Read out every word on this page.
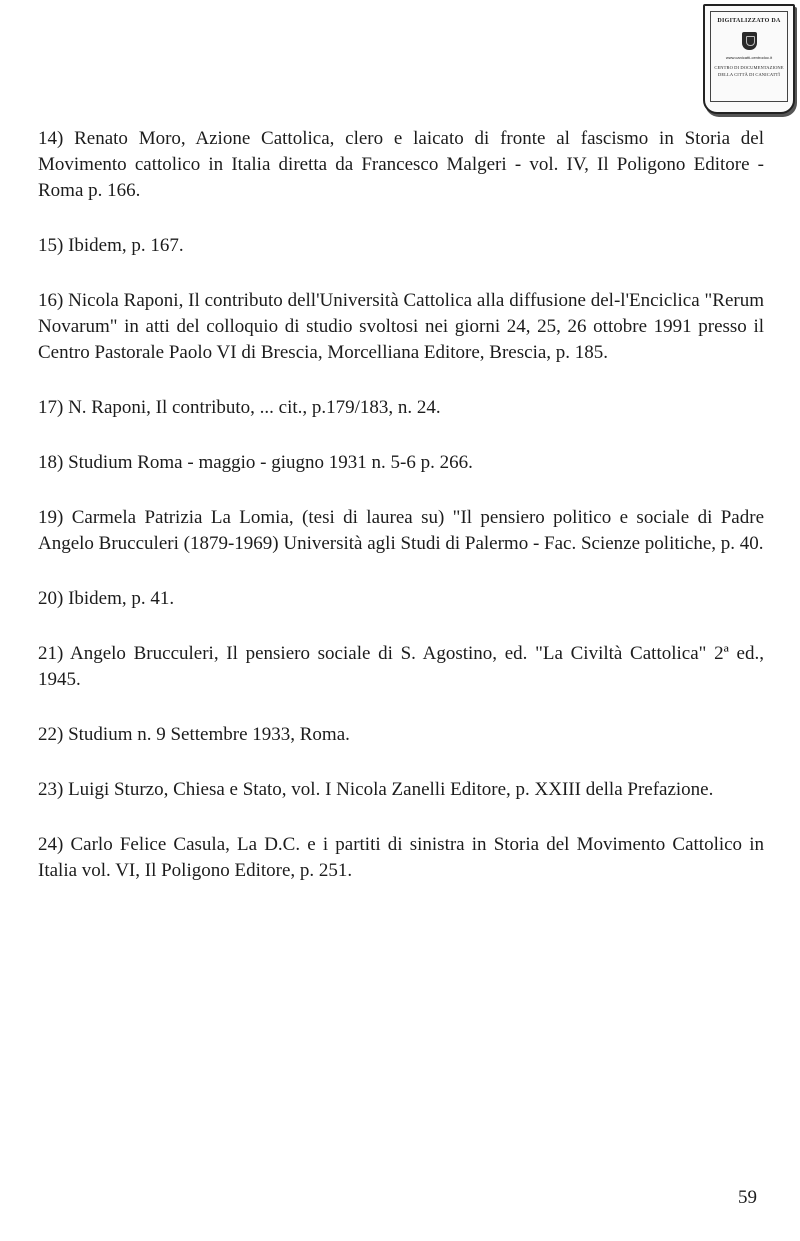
DIGITALIZZATO DA
www.canicatti-centrodoc.it
CENTRO DI DOCUMENTAZIONE
DELLA CITTÀ DI CANICATTÌ

14) Renato Moro, Azione Cattolica, clero e laicato di fronte al fascismo in Storia del Movimento cattolico in Italia diretta da Francesco Malgeri - vol. IV, Il Poligono Editore - Roma p. 166.

15) Ibidem, p. 167.

16) Nicola Raponi, Il contributo dell'Università Cattolica alla diffusione del-l'Enciclica "Rerum Novarum" in atti del colloquio di studio svoltosi nei giorni 24, 25, 26 ottobre 1991 presso il Centro Pastorale Paolo VI di Brescia, Morcelliana Editore, Brescia, p. 185.

17) N. Raponi, Il contributo, ... cit., p.179/183, n. 24.

18) Studium Roma - maggio - giugno 1931 n. 5-6 p. 266.

19) Carmela Patrizia La Lomia, (tesi di laurea su) "Il pensiero politico e sociale di Padre Angelo Brucculeri (1879-1969) Università agli Studi di Palermo - Fac. Scienze politiche, p. 40.

20) Ibidem, p. 41.

21) Angelo Brucculeri, Il pensiero sociale di S. Agostino, ed. "La Civiltà Cattolica" 2ª ed., 1945.

22) Studium n. 9 Settembre 1933, Roma.

23) Luigi Sturzo, Chiesa e Stato, vol. I Nicola Zanelli Editore, p. XXIII della Prefazione.

24) Carlo Felice Casula, La D.C. e i partiti di sinistra in Storia del Movimento Cattolico in Italia vol. VI, Il Poligono Editore, p. 251.

59
